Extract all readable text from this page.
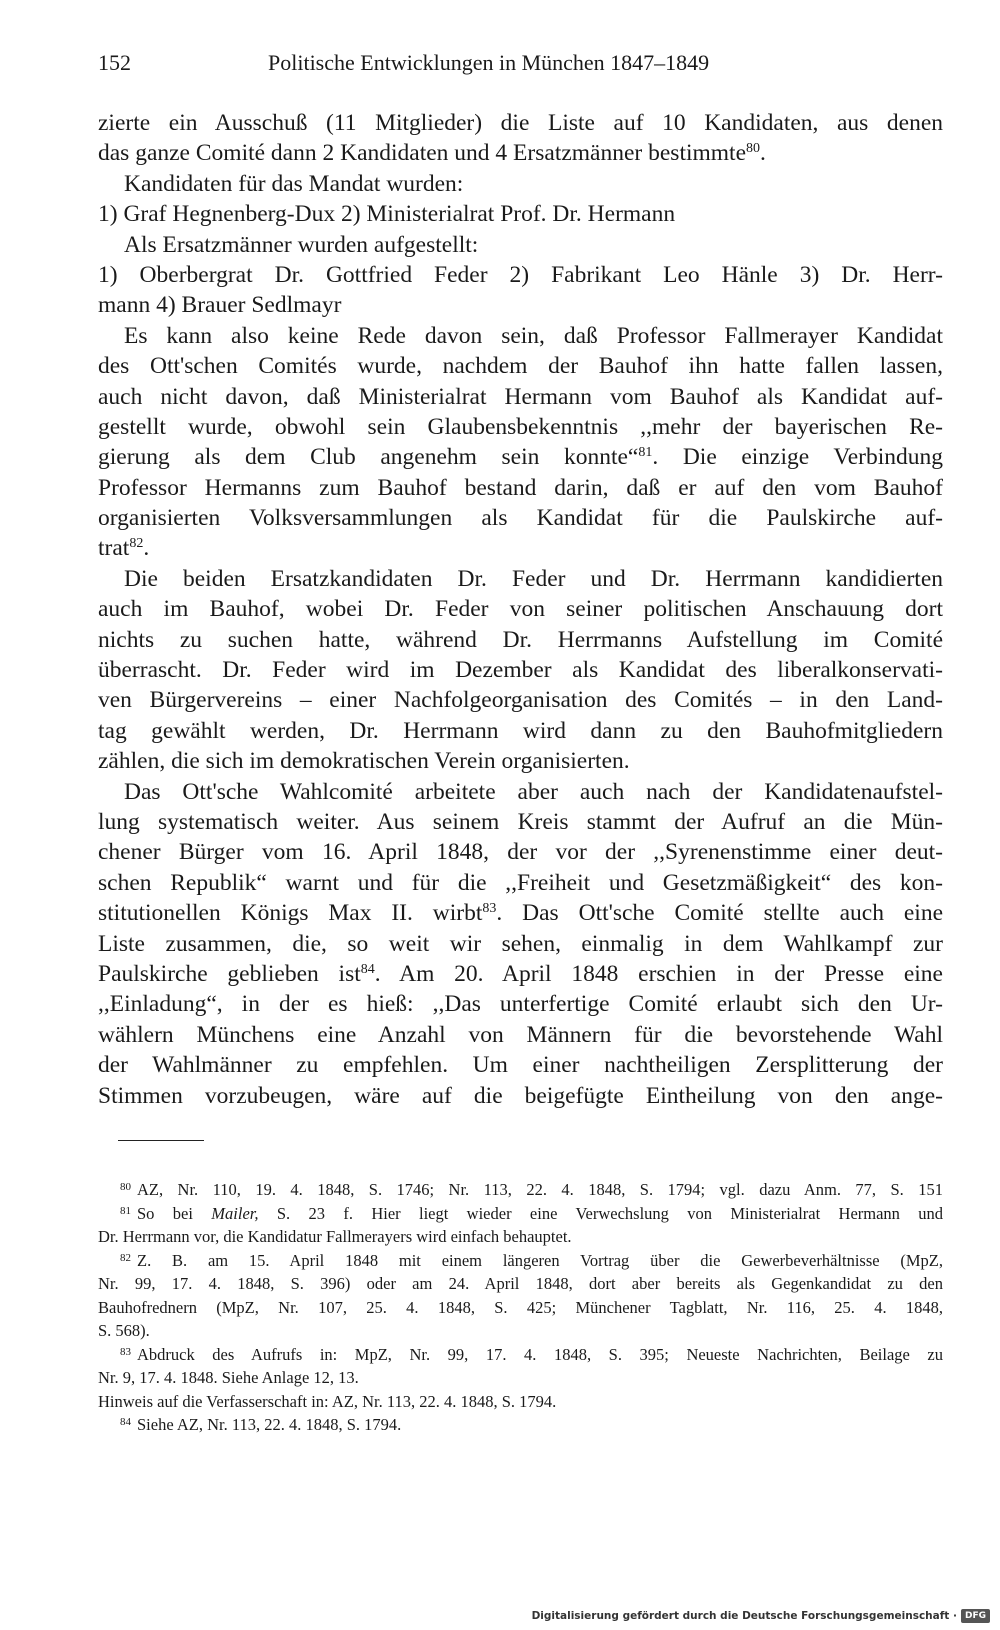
152	Politische Entwicklungen in München 1847–1849
zierte ein Ausschuß (11 Mitglieder) die Liste auf 10 Kandidaten, aus denen
das ganze Comité dann 2 Kandidaten und 4 Ersatzmänner bestimmte$^{80}$.
Kandidaten für das Mandat wurden:
1) Graf Hegnenberg-Dux 2) Ministerialrat Prof. Dr. Hermann
Als Ersatzmänner wurden aufgestellt:
1) Oberbergrat Dr. Gottfried Feder 2) Fabrikant Leo Hänle 3) Dr. Herr-
mann 4) Brauer Sedlmayr
Es kann also keine Rede davon sein, daß Professor Fallmerayer Kandidat
des Ott'schen Comités wurde, nachdem der Bauhof ihn hatte fallen lassen,
auch nicht davon, daß Ministerialrat Hermann vom Bauhof als Kandidat auf-
gestellt wurde, obwohl sein Glaubensbekenntnis ,,mehr der bayerischen Re-
gierung als dem Club angenehm sein konnte“$^{81}$. Die einzige Verbindung
Professor Hermanns zum Bauhof bestand darin, daß er auf den vom Bauhof
organisierten Volksversammlungen als Kandidat für die Paulskirche auf-
trat$^{82}$.
Die beiden Ersatzkandidaten Dr. Feder und Dr. Herrmann kandidierten
auch im Bauhof, wobei Dr. Feder von seiner politischen Anschauung dort
nichts zu suchen hatte, während Dr. Herrmanns Aufstellung im Comité
überrascht. Dr. Feder wird im Dezember als Kandidat des liberalkonservati-
ven Bürgervereins – einer Nachfolgeorganisation des Comités – in den Land-
tag gewählt werden, Dr. Herrmann wird dann zu den Bauhofmitgliedern
zählen, die sich im demokratischen Verein organisierten.
Das Ott'sche Wahlcomité arbeitete aber auch nach der Kandidatenaufstel-
lung systematisch weiter. Aus seinem Kreis stammt der Aufruf an die Mün-
chener Bürger vom 16. April 1848, der vor der ,,Syrenenstimme einer deut-
schen Republik“ warnt und für die ,,Freiheit und Gesetzmäßigkeit“ des kon-
stitutionellen Königs Max II. wirbt$^{83}$. Das Ott'sche Comité stellte auch eine
Liste zusammen, die, so weit wir sehen, einmalig in dem Wahlkampf zur
Paulskirche geblieben ist$^{84}$. Am 20. April 1848 erschien in der Presse eine
,,Einladung“, in der es hieß: ,,Das unterfertige Comité erlaubt sich den Ur-
wählern Münchens eine Anzahl von Männern für die bevorstehende Wahl
der Wahlmänner zu empfehlen. Um einer nachtheiligen Zersplitterung der
Stimmen vorzubeugen, wäre auf die beigefügte Eintheilung von den ange-
$^{80}$ AZ, Nr. 110, 19. 4. 1848, S. 1746; Nr. 113, 22. 4. 1848, S. 1794; vgl. dazu Anm. 77, S. 151
$^{81}$ So bei Mailer, S. 23 f. Hier liegt wieder eine Verwechslung von Ministerialrat Hermann und
Dr. Herrmann vor, die Kandidatur Fallmerayers wird einfach behauptet.
$^{82}$ Z. B. am 15. April 1848 mit einem längeren Vortrag über die Gewerbeverhältnisse (MpZ,
Nr. 99, 17. 4. 1848, S. 396) oder am 24. April 1848, dort aber bereits als Gegenkandidat zu den
Bauhofrednern (MpZ, Nr. 107, 25. 4. 1848, S. 425; Münchener Tagblatt, Nr. 116, 25. 4. 1848,
S. 568).
$^{83}$ Abdruck des Aufrufs in: MpZ, Nr. 99, 17. 4. 1848, S. 395; Neueste Nachrichten, Beilage zu
Nr. 9, 17. 4. 1848. Siehe Anlage 12, 13.
Hinweis auf die Verfasserschaft in: AZ, Nr. 113, 22. 4. 1848, S. 1794.
$^{84}$ Siehe AZ, Nr. 113, 22. 4. 1848, S. 1794.
Digitalisierung gefördert durch die Deutsche Forschungsgemeinschaft · DFG
